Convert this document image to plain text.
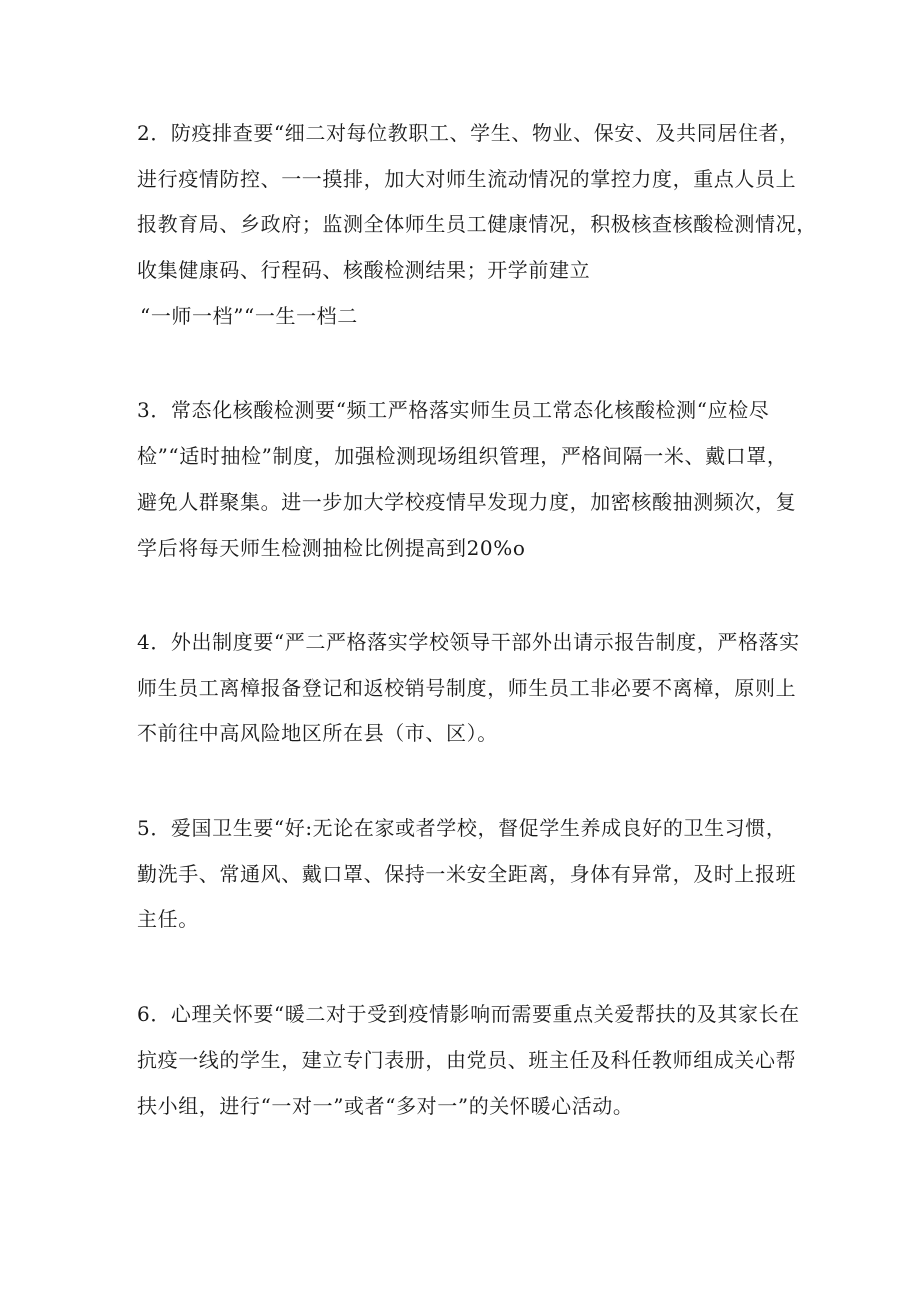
2．防疫排查要“细二对每位教职工、学生、物业、保安、及共同居住者，
进行疫情防控、一一摸排，加大对师生流动情况的掌控力度，重点人员上
报教育局、乡政府；监测全体师生员工健康情况，积极核查核酸检测情况，
收集健康码、行程码、核酸检测结果；开学前建立
“一师一档”“一生一档二
3．常态化核酸检测要“频工严格落实师生员工常态化核酸检测“应检尽
检”“适时抽检”制度，加强检测现场组织管理，严格间隔一米、戴口罩，
避免人群聚集。进一步加大学校疫情早发现力度，加密核酸抽测频次，复
学后将每天师生检测抽检比例提高到20%o
4．外出制度要“严二严格落实学校领导干部外出请示报告制度，严格落实
师生员工离樟报备登记和返校销号制度，师生员工非必要不离樟，原则上
不前往中高风险地区所在县（市、区）。
5．爱国卫生要“好:无论在家或者学校，督促学生养成良好的卫生习惯，
勤洗手、常通风、戴口罩、保持一米安全距离，身体有异常，及时上报班
主任。
6．心理关怀要“暖二对于受到疫情影响而需要重点关爱帮扶的及其家长在
抗疫一线的学生，建立专门表册，由党员、班主任及科任教师组成关心帮
扶小组，进行“一对一”或者“多对一”的关怀暖心活动。
